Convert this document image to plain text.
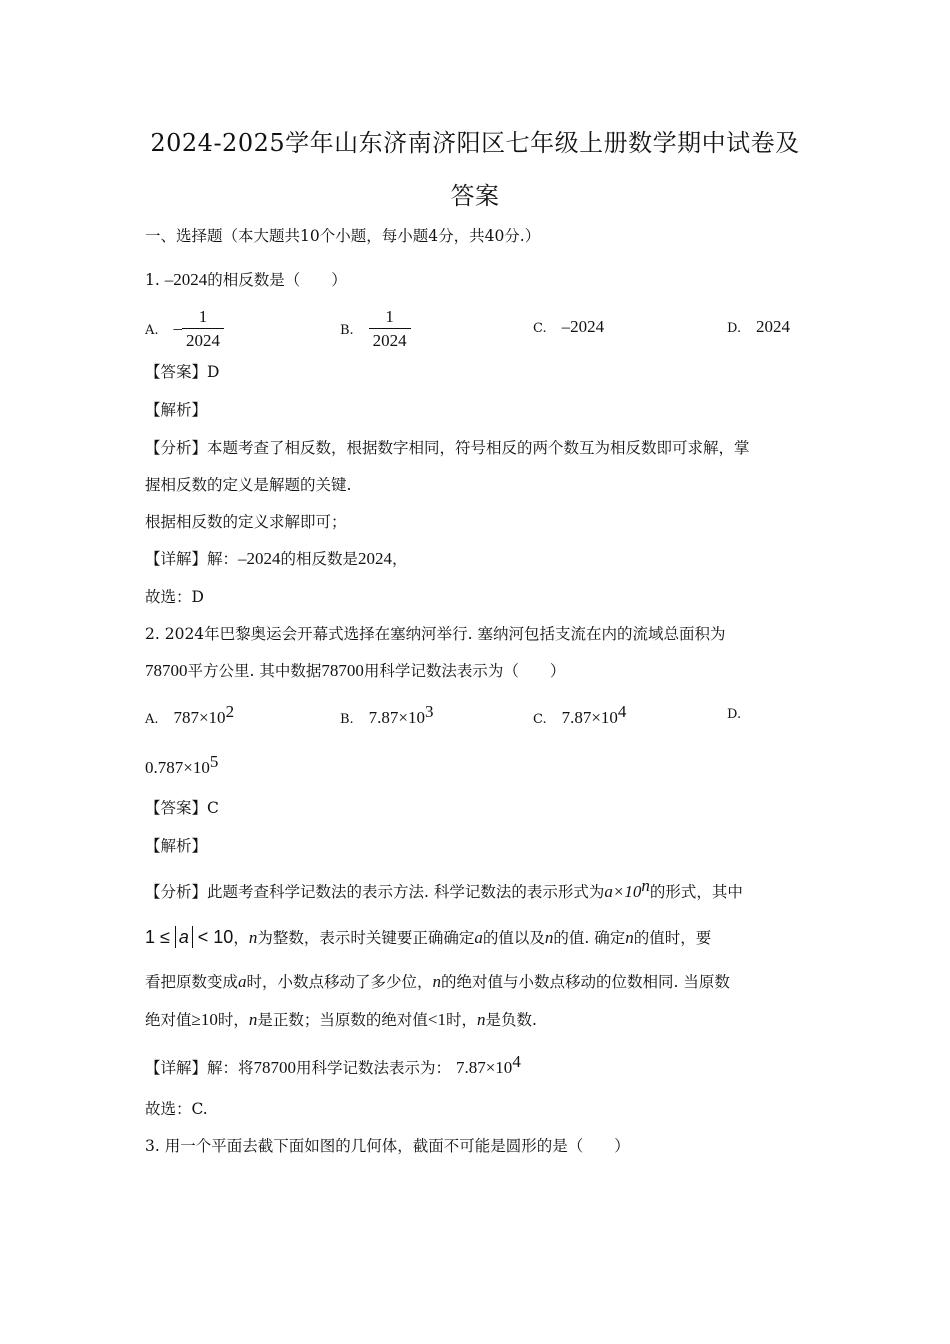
2024-2025学年山东济南济阳区七年级上册数学期中试卷及
答案
一、选择题（本大题共10个小题，每小题4分，共40分.）
1. –2024的相反数是（　　）
A. – $\frac{1}{2024}$	B. $\frac{1}{2024}$	C. –2024	D. 2024
【答案】D
【解析】
【分析】本题考查了相反数，根据数字相同，符号相反的两个数互为相反数即可求解，掌
握相反数的定义是解题的关键.
根据相反数的定义求解即可；
【详解】解：–2024的相反数是2024，
故选：D
2. 2024年巴黎奥运会开幕式选择在塞纳河举行. 塞纳河包括支流在内的流域总面积为
78700平方公里. 其中数据78700用科学记数法表示为（　　）
A. $787\times 10^2$	B. $7.87\times 10^3$	C. $7.87\times 10^4$	D.
$0.787\times 10^5$
【答案】C
【解析】
【分析】此题考查科学记数法的表示方法. 科学记数法的表示形式为$a\times 10^n$的形式，其中
1 ≤ a < 10，n为整数，表示时关键要正确确定a的值以及n的值. 确定n的值时，要
看把原数变成a时，小数点移动了多少位，n的绝对值与小数点移动的位数相同. 当原数
绝对值≥10时，n是正数；当原数的绝对值<1时，n是负数.
【详解】解：将78700用科学记数法表示为： $7.87\times 10^4$
故选：C.
3. 用一个平面去截下面如图的几何体，截面不可能是圆形的是（　　）
